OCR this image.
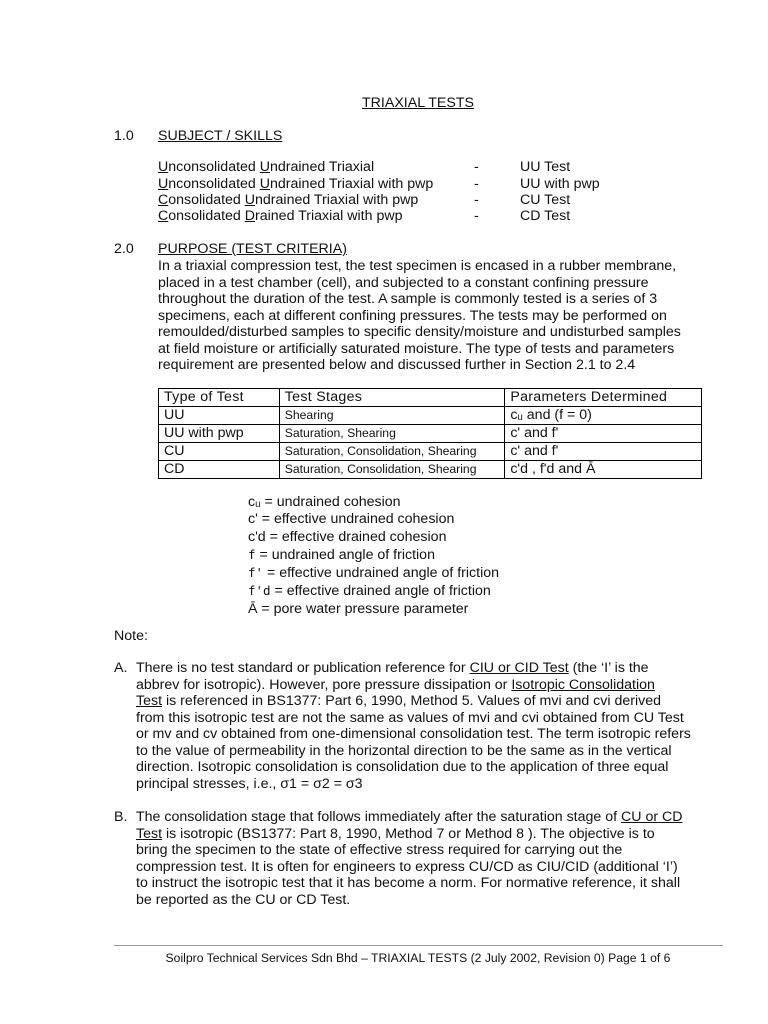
TRIAXIAL TESTS
1.0 SUBJECT / SKILLS
Unconsolidated Undrained Triaxial	-	UU Test
Unconsolidated Undrained Triaxial with pwp	-	UU with pwp
Consolidated Undrained Triaxial with pwp	-	CU Test
Consolidated Drained Triaxial with pwp	-	CD Test
2.0 PURPOSE (TEST CRITERIA)
In a triaxial compression test, the test specimen is encased in a rubber membrane,
placed in a test chamber (cell), and subjected to a constant confining pressure
throughout the duration of the test. A sample is commonly tested is a series of 3
specimens, each at different confining pressures. The tests may be performed on
remoulded/disturbed samples to specific density/moisture and undisturbed samples
at field moisture or artificially saturated moisture. The type of tests and parameters
requirement are presented below and discussed further in Section 2.1 to 2.4
Type of Test	Test Stages	Parameters Determined
UU	Shearing	cᵤ and (f = 0)
UU with pwp	Saturation, Shearing	c' and f'
CU	Saturation, Consolidation, Shearing	c' and f'
CD	Saturation, Consolidation, Shearing	c'd , f'd and Ā
cᵤ = undrained cohesion
c' = effective undrained cohesion
c'd = effective drained cohesion
f = undrained angle of friction
f' = effective undrained angle of friction
f'd = effective drained angle of friction
Ā = pore water pressure parameter
Note:
A. There is no test standard or publication reference for CIU or CID Test (the ‘I’ is the
abbrev for isotropic). However, pore pressure dissipation or Isotropic Consolidation
Test is referenced in BS1377: Part 6, 1990, Method 5. Values of mvi and cvi derived
from this isotropic test are not the same as values of mvi and cvi obtained from CU Test
or mv and cv obtained from one-dimensional consolidation test. The term isotropic refers
to the value of permeability in the horizontal direction to be the same as in the vertical
direction. Isotropic consolidation is consolidation due to the application of three equal
principal stresses, i.e., σ1 = σ2 = σ3
B. The consolidation stage that follows immediately after the saturation stage of CU or CD
Test is isotropic (BS1377: Part 8, 1990, Method 7 or Method 8 ). The objective is to
bring the specimen to the state of effective stress required for carrying out the
compression test. It is often for engineers to express CU/CD as CIU/CID (additional ‘I’)
to instruct the isotropic test that it has become a norm. For normative reference, it shall
be reported as the CU or CD Test.
Soilpro Technical Services Sdn Bhd – TRIAXIAL TESTS (2 July 2002, Revision 0) Page 1 of 6
